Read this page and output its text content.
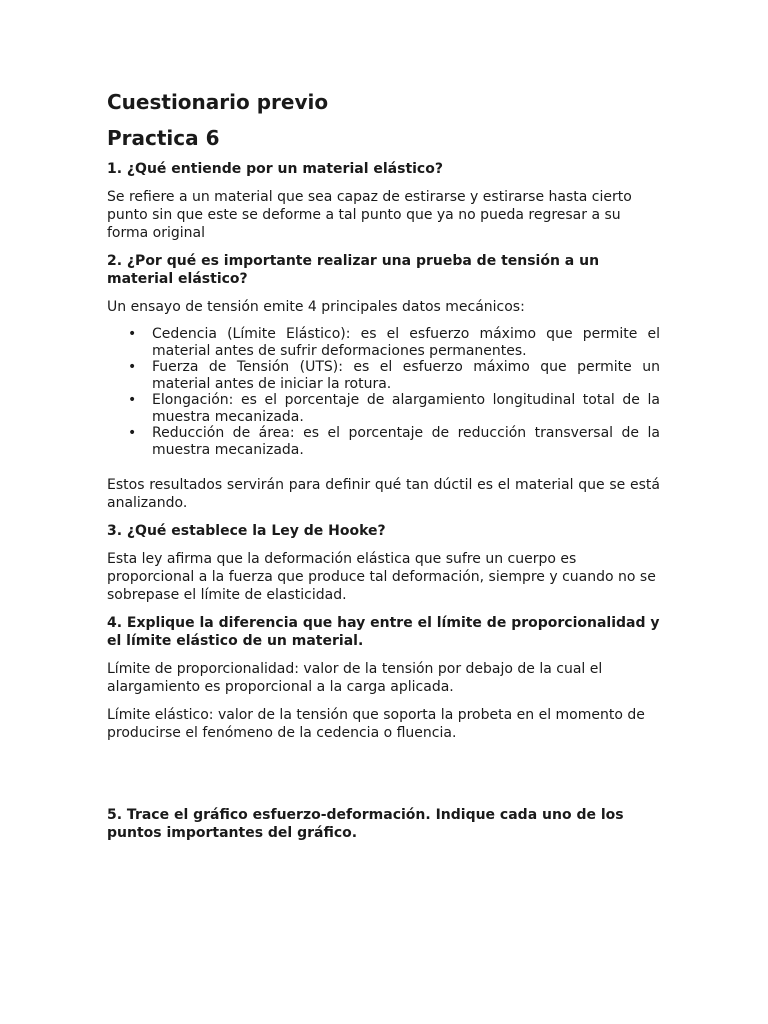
Cuestionario previo
Practica 6
1. ¿Qué entiende por un material elástico?

Se refiere a un material que sea capaz de estirarse y estirarse hasta cierto punto sin que este se deforme a tal punto que ya no pueda regresar a su forma original

2. ¿Por qué es importante realizar una prueba de tensión a un material elástico?

Un ensayo de tensión emite 4 principales datos mecánicos:

• Cedencia (Límite Elástico): es el esfuerzo máximo que permite el material antes de sufrir deformaciones permanentes.
• Fuerza de Tensión (UTS): es el esfuerzo máximo que permite un material antes de iniciar la rotura.
• Elongación: es el porcentaje de alargamiento longitudinal total de la muestra mecanizada.
• Reducción de área: es el porcentaje de reducción transversal de la muestra mecanizada.

Estos resultados servirán para definir qué tan dúctil es el material que se está analizando.

3. ¿Qué establece la Ley de Hooke?

Esta ley afirma que la deformación elástica que sufre un cuerpo es proporcional a la fuerza que produce tal deformación, siempre y cuando no se sobrepase el límite de elasticidad.

4. Explique la diferencia que hay entre el límite de proporcionalidad y el límite elástico de un material.

Límite de proporcionalidad: valor de la tensión por debajo de la cual el alargamiento es proporcional a la carga aplicada.

Límite elástico: valor de la tensión que soporta la probeta en el momento de producirse el fenómeno de la cedencia o fluencia.

5. Trace el gráfico esfuerzo-deformación. Indique cada uno de los puntos importantes del gráfico.
